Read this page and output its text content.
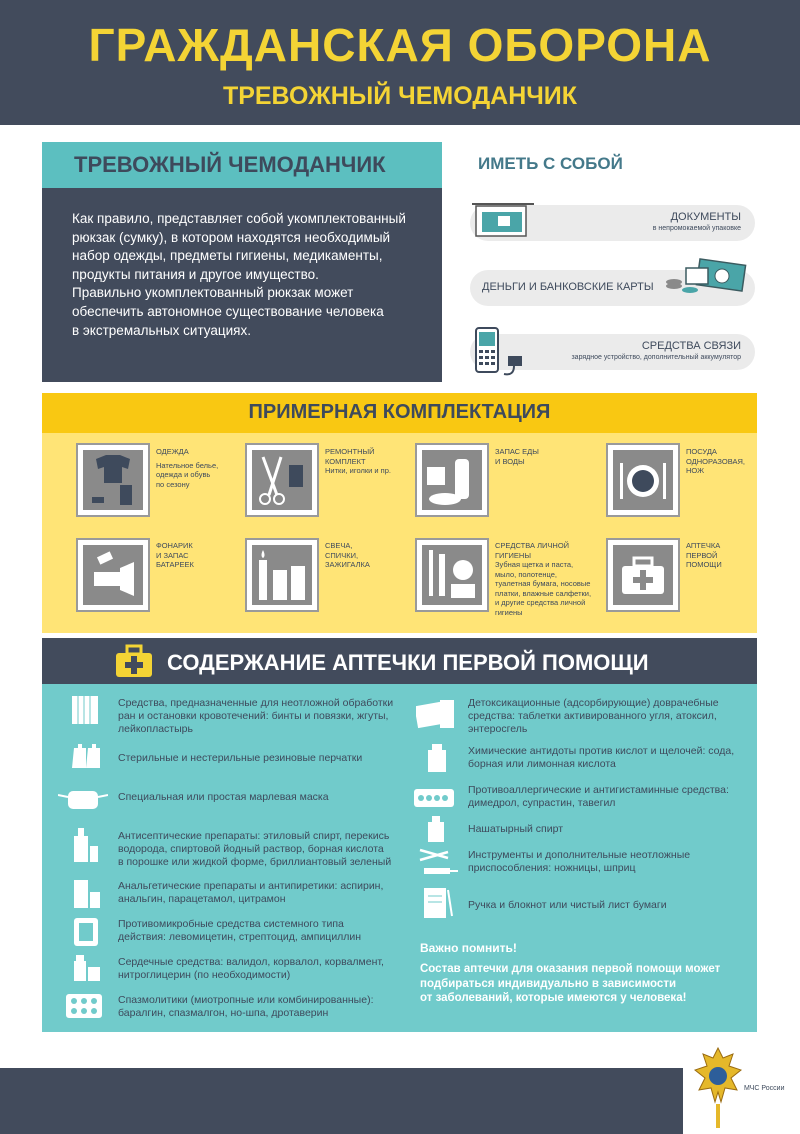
ГРАЖДАНСКАЯ ОБОРОНА
ТРЕВОЖНЫЙ ЧЕМОДАНЧИК
ТРЕВОЖНЫЙ ЧЕМОДАНЧИК

Как правило, представляет собой укомплектованный
рюкзак (сумку), в котором находятся необходимый
набор одежды, предметы гигиены, медикаменты,
продукты питания и другое имущество.
Правильно укомплектованный рюкзак может
обеспечить автономное существование человека
в экстремальных ситуациях.

ИМЕТЬ С СОБОЙ
ДОКУМЕНТЫ
в непромокаемой упаковке
ДЕНЬГИ И БАНКОВСКИЕ КАРТЫ
СРЕДСТВА СВЯЗИ
зарядное устройство, дополнительный аккумулятор
ПРИМЕРНАЯ КОМПЛЕКТАЦИЯ
ОДЕЖДА
Нательное белье,
одежда и обувь
по сезону
РЕМОНТНЫЙ
КОМПЛЕКТ
Нитки, иголки и пр.
ЗАПАС ЕДЫ
И ВОДЫ
ПОСУДА
ОДНОРАЗОВАЯ,
НОЖ
ФОНАРИК
И ЗАПАС
БАТАРЕЕК
СВЕЧА,
СПИЧКИ,
ЗАЖИГАЛКА
СРЕДСТВА ЛИЧНОЙ
ГИГИЕНЫ
Зубная щетка и паста,
мыло, полотенце,
туалетная бумага, носовые
платки, влажные салфетки,
и другие средства личной
гигиены
АПТЕЧКА
ПЕРВОЙ
ПОМОЩИ
СОДЕРЖАНИЕ АПТЕЧКИ ПЕРВОЙ ПОМОЩИ
Средства, предназначенные для неотложной обработки
ран и остановки кровотечений: бинты и повязки, жгуты,
лейкопластырь
Стерильные и нестерильные резиновые перчатки
Специальная или простая марлевая маска
Антисептические препараты: этиловый спирт, перекись
водорода, спиртовой йодный раствор, борная кислота
в порошке или жидкой форме, бриллиантовый зеленый
Анальгетические препараты и антипиретики: аспирин,
анальгин, парацетамол, цитрамон
Противомикробные средства системного типа
действия: левомицетин, стрептоцид, ампициллин
Сердечные средства: валидол, корвалол, корвалмент,
нитроглицерин (по необходимости)
Спазмолитики (миотропные или комбинированные):
баралгин, спазмалгон, но-шпа, дротаверин
Детоксикационные (адсорбирующие) доврачебные
средства: таблетки активированного угля, атоксил,
энтеросгель
Химические антидоты против кислот и щелочей: сода,
борная или лимонная кислота
Противоаллергические и антигистаминные средства:
димедрол, супрастин, тавегил
Нашатырный спирт
Инструменты и дополнительные неотложные
приспособления: ножницы, шприц
Ручка и блокнот или чистый лист бумаги
Важно помнить!
Состав аптечки для оказания первой помощи может
подбираться индивидуально в зависимости
от заболеваний, которые имеются у человека!
МЧС России
